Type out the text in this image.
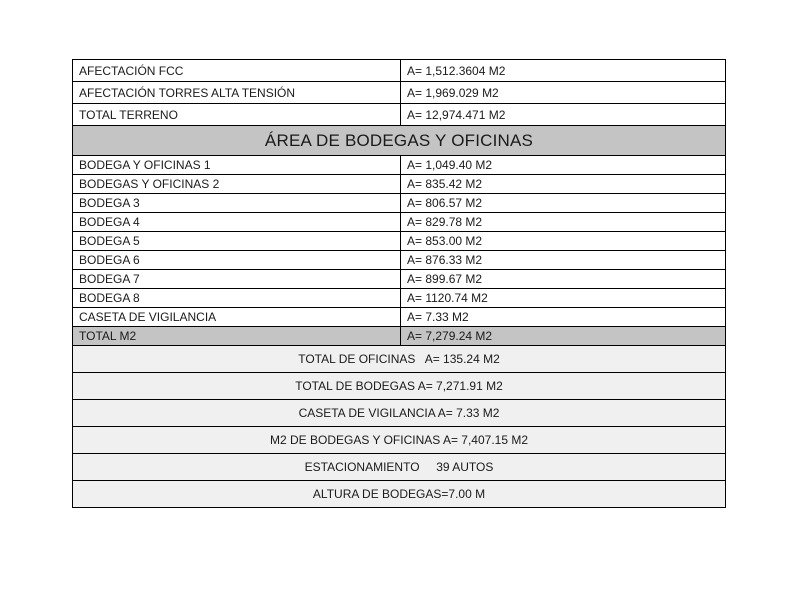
AFECTACIÓN FCC	A= 1,512.3604 M2
AFECTACIÓN TORRES ALTA TENSIÓN	A= 1,969.029 M2
TOTAL TERRENO	A= 12,974.471 M2
ÁREA DE BODEGAS Y OFICINAS	
BODEGA Y OFICINAS 1	A= 1,049.40 M2
BODEGAS Y OFICINAS 2	A= 835.42 M2
BODEGA 3	A= 806.57 M2
BODEGA 4	A= 829.78 M2
BODEGA 5	A= 853.00 M2
BODEGA 6	A= 876.33 M2
BODEGA 7	A= 899.67 M2
BODEGA 8	A= 1120.74 M2
CASETA DE VIGILANCIA	A= 7.33 M2
TOTAL M2	A= 7,279.24 M2
TOTAL DE OFICINAS   A= 135.24 M2	
TOTAL DE BODEGAS A= 7,271.91 M2	
CASETA DE VIGILANCIA A= 7.33 M2	
M2 DE BODEGAS Y OFICINAS A= 7,407.15 M2	
ESTACIONAMIENTO     39 AUTOS	
ALTURA DE BODEGAS=7.00 M	
